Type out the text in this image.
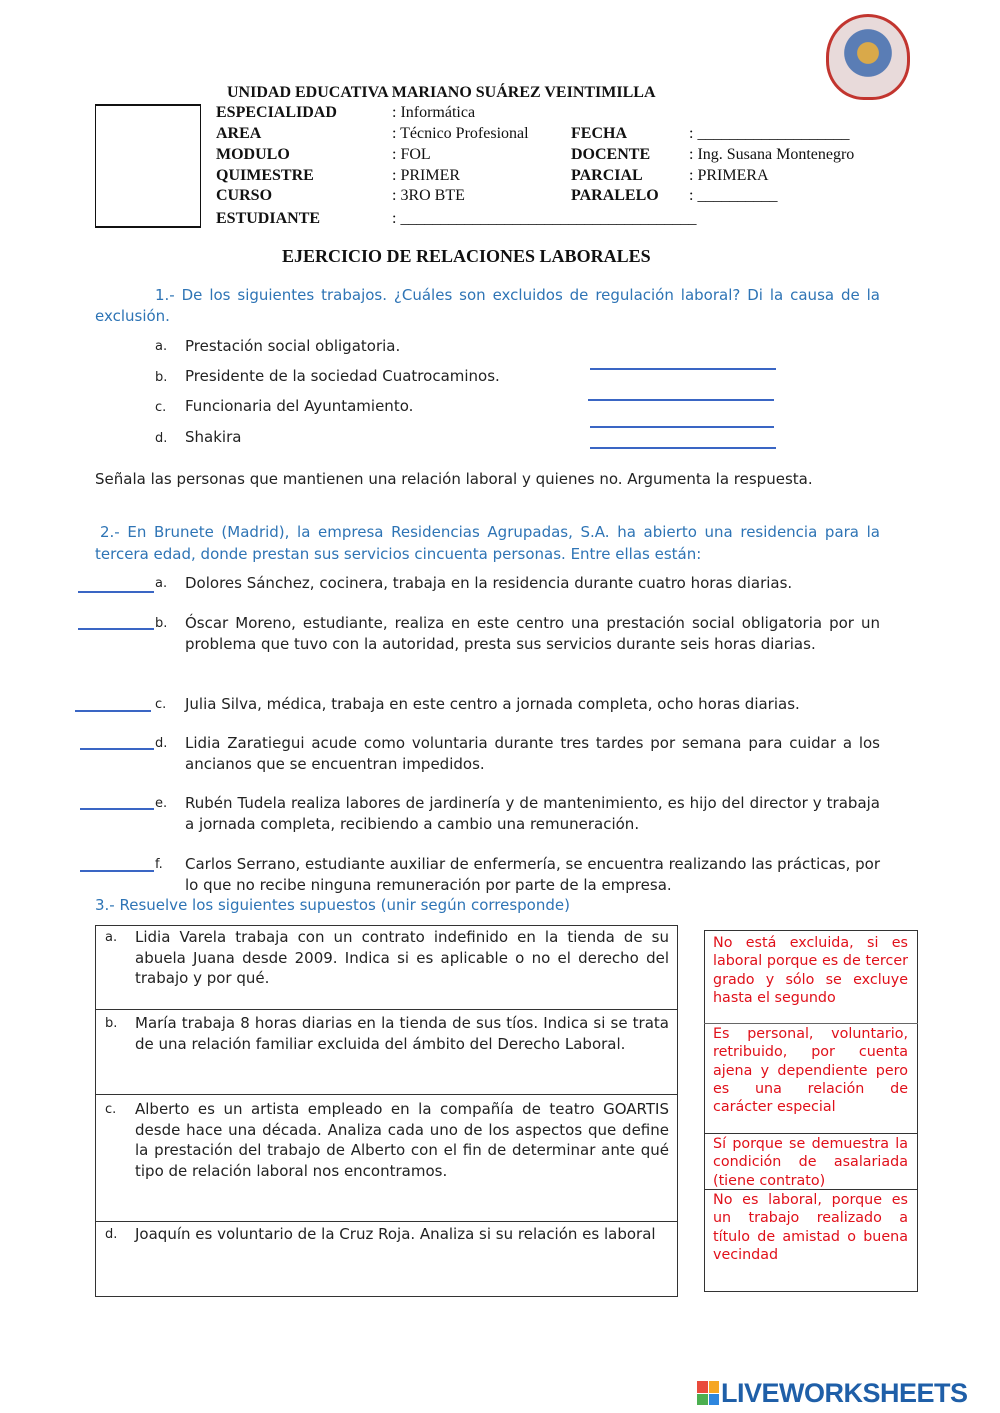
UNIDAD EDUCATIVA MARIANO SUÁREZ VEINTIMILLA
ESPECIALIDAD	: Informática
AREA	: Técnico Profesional	FECHA	: ___________________
MODULO	: FOL	DOCENTE : Ing. Susana Montenegro
QUIMESTRE	: PRIMER	PARCIAL	: PRIMERA
CURSO	: 3RO BTE	PARALELO : __________
ESTUDIANTE	: _____________________________________
EJERCICIO DE RELACIONES LABORALES
1.- De los siguientes trabajos. ¿Cuáles son excluidos de regulación laboral? Di la causa de la exclusión.
a. Prestación social obligatoria.
b. Presidente de la sociedad Cuatrocaminos.
c. Funcionaria del Ayuntamiento.
d. Shakira
Señala las personas que mantienen una relación laboral y quienes no. Argumenta la respuesta.
2.- En Brunete (Madrid), la empresa Residencias Agrupadas, S.A. ha abierto una residencia para la tercera edad, donde prestan sus servicios cincuenta personas. Entre ellas están:
a. Dolores Sánchez, cocinera, trabaja en la residencia durante cuatro horas diarias.
b. Óscar Moreno, estudiante, realiza en este centro una prestación social obligatoria por un problema que tuvo con la autoridad, presta sus servicios durante seis horas diarias.
c. Julia Silva, médica, trabaja en este centro a jornada completa, ocho horas diarias.
d. Lidia Zaratiegui acude como voluntaria durante tres tardes por semana para cuidar a los ancianos que se encuentran impedidos.
e. Rubén Tudela realiza labores de jardinería y de mantenimiento, es hijo del director y trabaja a jornada completa, recibiendo a cambio una remuneración.
f. Carlos Serrano, estudiante auxiliar de enfermería, se encuentra realizando las prácticas, por lo que no recibe ninguna remuneración por parte de la empresa.
3.- Resuelve los siguientes supuestos (unir según corresponde)
a. Lidia Varela trabaja con un contrato indefinido en la tienda de su abuela Juana desde 2009. Indica si es aplicable o no el derecho del trabajo y por qué.
b. María trabaja 8 horas diarias en la tienda de sus tíos. Indica si se trata de una relación familiar excluida del ámbito del Derecho Laboral.
c. Alberto es un artista empleado en la compañía de teatro GOARTIS desde hace una década. Analiza cada uno de los aspectos que define la prestación del trabajo de Alberto con el fin de determinar ante qué tipo de relación laboral nos encontramos.
d. Joaquín es voluntario de la Cruz Roja. Analiza si su relación es laboral
No está excluida, si es laboral porque es de tercer grado y sólo se excluye hasta el segundo
Es personal, voluntario, retribuido, por cuenta ajena y dependiente pero es una relación de carácter especial
Sí porque se demuestra la condición de asalariada (tiene contrato)
No es laboral, porque es un trabajo realizado a título de amistad o buena vecindad
LIVEWORKSHEETS
